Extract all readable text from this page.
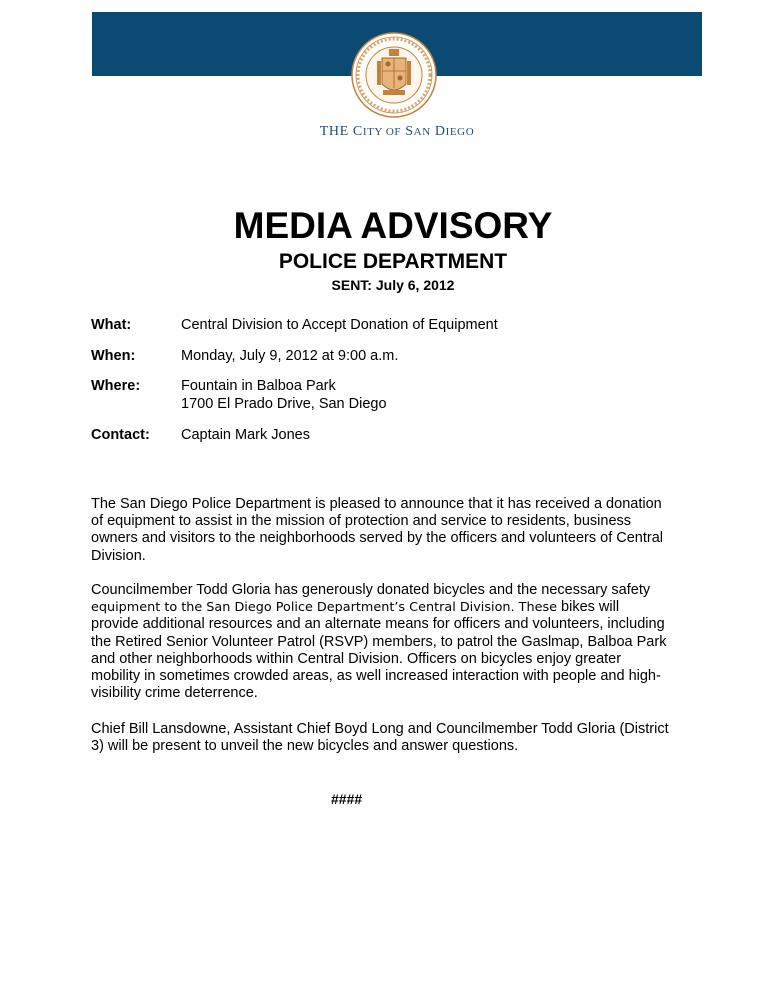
THE CITY OF SAN DIEGO
MEDIA ADVISORY
POLICE DEPARTMENT
SENT: July 6, 2012
What:	Central Division to Accept Donation of Equipment
When:	Monday, July 9, 2012 at 9:00 a.m.
Where:	Fountain in Balboa Park
1700 El Prado Drive, San Diego
Contact: Captain Mark Jones

The San Diego Police Department is pleased to announce that it has received a donation

of equipment to assist in the mission of protection and service to residents, business

owners and visitors to the neighborhoods served by the officers and volunteers of Central

Division.

Councilmember Todd Gloria has generously donated bicycles and the necessary safety

equipment to the San Diego Police Department’s Central Division. These bikes will

provide additional resources and an alternate means for officers and volunteers, including

the Retired Senior Volunteer Patrol (RSVP) members, to patrol the Gaslmap, Balboa Park

and other neighborhoods within Central Division. Officers on bicycles enjoy greater

mobility in sometimes crowded areas, as well increased interaction with people and high-

visibility crime deterrence.

Chief Bill Lansdowne, Assistant Chief Boyd Long and Councilmember Todd Gloria (District

3) will be present to unveil the new bicycles and answer questions.

####
